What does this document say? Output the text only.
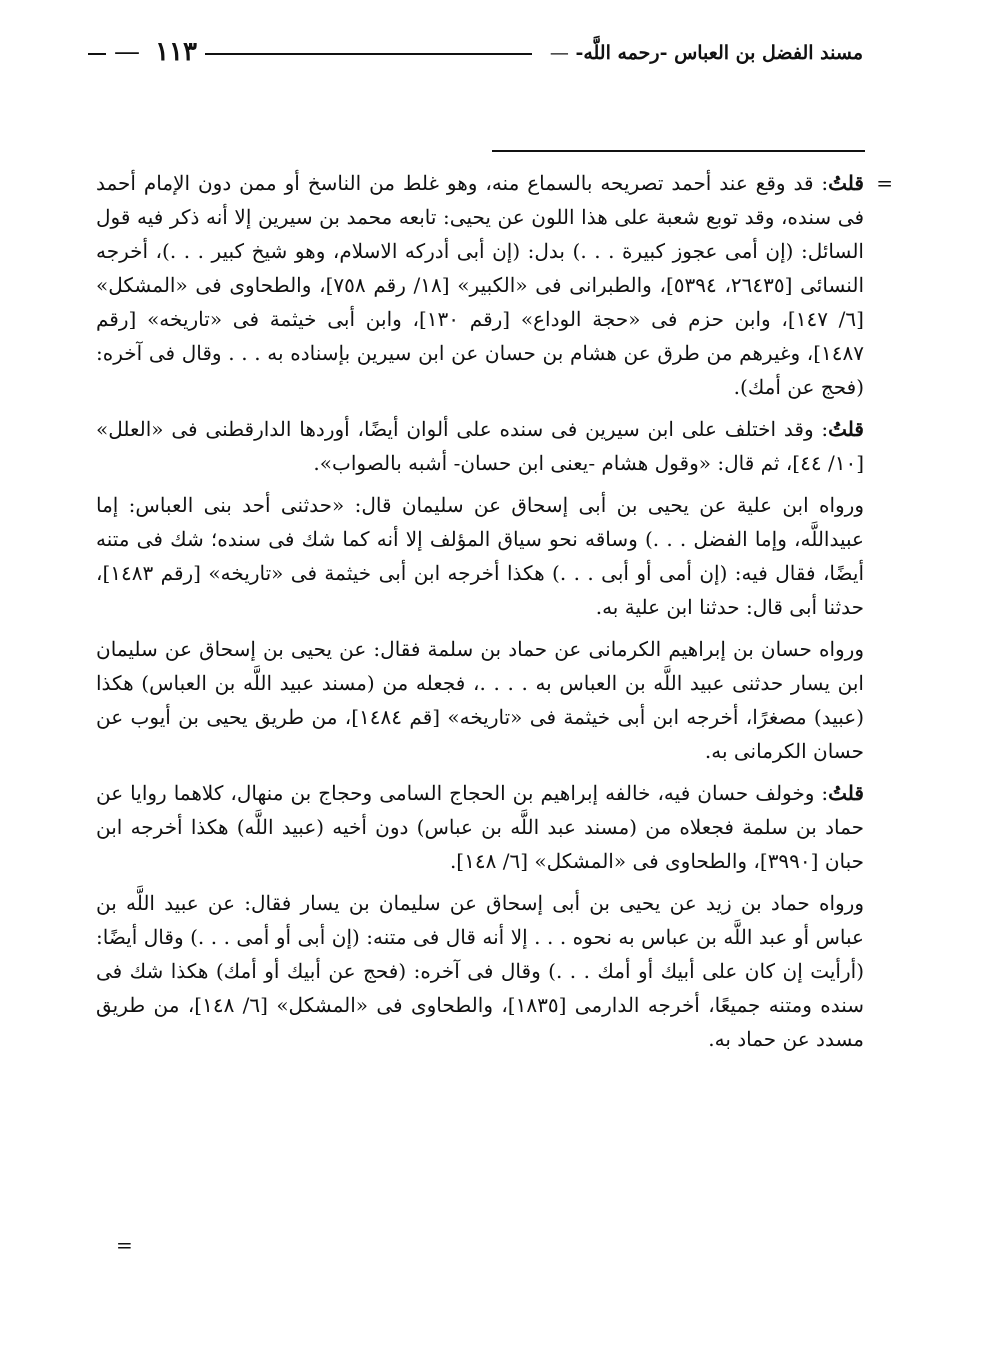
مسند الفضل بن العباس -رحمه اللَّه- —
١١٣ —
=

قلتُ: قد وقع عند أحمد تصريحه بالسماع منه، وهو غلط من الناسخ أو ممن دون الإمام أحمد فى سنده، وقد توبع شعبة على هذا اللون عن يحيى: تابعه محمد بن سيرين إلا أنه ذكر فيه قول السائل: (إن أمى عجوز كبيرة . . .) بدل: (إن أبى أدركه الاسلام، وهو شيخ كبير . . .)، أخرجه النسائى [٢٦٤٣٥، ٥٣٩٤]، والطبرانى فى «الكبير» [١٨/ رقم ٧٥٨]، والطحاوى فى «المشكل» [٦/ ١٤٧]، وابن حزم فى «حجة الوداع» [رقم ١٣٠]، وابن أبى خيثمة فى «تاريخه» [رقم ١٤٨٧]، وغيرهم من طرق عن هشام بن حسان عن ابن سيرين بإسناده به . . . وقال فى آخره: (فحج عن أمك).

قلتُ: وقد اختلف على ابن سيرين فى سنده على ألوان أيضًا، أوردها الدارقطنى فى «العلل» [١٠/ ٤٤]، ثم قال: «وقول هشام -يعنى ابن حسان- أشبه بالصواب».

ورواه ابن علية عن يحيى بن أبى إسحاق عن سليمان قال: «حدثنى أحد بنى العباس: إما عبيداللَّه، وإما الفضل . . .) وساقه نحو سياق المؤلف إلا أنه كما شك فى سنده؛ شك فى متنه أيضًا، فقال فيه: (إن أمى أو أبى . . .) هكذا أخرجه ابن أبى خيثمة فى «تاريخه» [رقم ١٤٨٣]، حدثنا أبى قال: حدثنا ابن علية به.

ورواه حسان بن إبراهيم الكرمانى عن حماد بن سلمة فقال: عن يحيى بن إسحاق عن سليمان ابن يسار حدثنى عبيد اللَّه بن العباس به . . . .، فجعله من (مسند عبيد اللَّه بن العباس) هكذا (عبيد) مصغرًا، أخرجه ابن أبى خيثمة فى «تاريخه» [قم ١٤٨٤]، من طريق يحيى بن أيوب عن حسان الكرمانى به.

قلتُ: وخولف حسان فيه، خالفه إبراهيم بن الحجاج السامى وحجاج بن منهال، كلاهما روايا عن حماد بن سلمة فجعلاه من (مسند عبد اللَّه بن عباس) دون أخيه (عبيد اللَّه) هكذا أخرجه ابن حبان [٣٩٩٠]، والطحاوى فى «المشكل» [٦/ ١٤٨].

ورواه حماد بن زيد عن يحيى بن أبى إسحاق عن سليمان بن يسار فقال: عن عبيد اللَّه بن عباس أو عبد اللَّه بن عباس به نحوه . . . إلا أنه قال فى متنه: (إن أبى أو أمى . . .) وقال أيضًا: (أرأيت إن كان على أبيك أو أمك . . .) وقال فى آخره: (فحج عن أبيك أو أمك) هكذا شك فى سنده ومتنه جميعًا، أخرجه الدارمى [١٨٣٥]، والطحاوى فى «المشكل» [٦/ ١٤٨]، من طريق مسدد عن حماد به.

=
